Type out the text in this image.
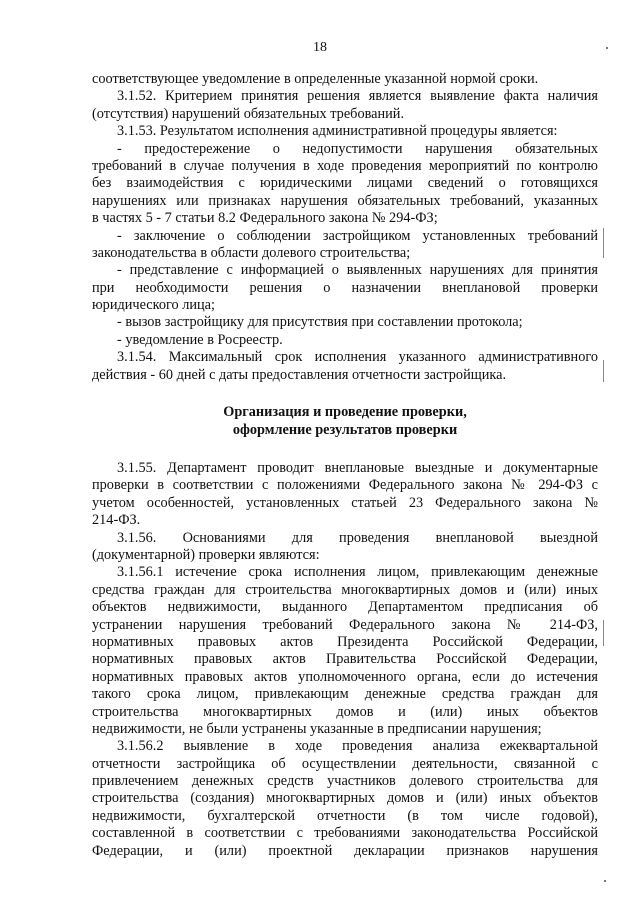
18
соответствующее уведомление в определенные указанной нормой сроки.
3.1.52. Критерием принятия решения является выявление факта наличия
(отсутствия) нарушений обязательных требований.
3.1.53. Результатом исполнения административной процедуры является:
- предостережение о недопустимости нарушения обязательных
требований в случае получения в ходе проведения мероприятий по контролю
без взаимодействия с юридическими лицами сведений о готовящихся
нарушениях или признаках нарушения обязательных требований, указанных
в частях 5 - 7 статьи 8.2 Федерального закона № 294-ФЗ;
- заключение о соблюдении застройщиком установленных требований
законодательства в области долевого строительства;
- представление с информацией о выявленных нарушениях для принятия
при необходимости решения о назначении внеплановой проверки
юридического лица;
- вызов застройщику для присутствия при составлении протокола;
- уведомление в Росреестр.
3.1.54. Максимальный срок исполнения указанного административного
действия - 60 дней с даты предоставления отчетности застройщика.
Организация и проведение проверки,
оформление результатов проверки
3.1.55. Департамент проводит внеплановые выездные и документарные
проверки в соответствии с положениями Федерального закона № 294-ФЗ с
учетом особенностей, установленных статьей 23 Федерального закона №
214-ФЗ.
3.1.56. Основаниями для проведения внеплановой выездной
(документарной) проверки являются:
3.1.56.1 истечение срока исполнения лицом, привлекающим денежные
средства граждан для строительства многоквартирных домов и (или) иных
объектов недвижимости, выданного Департаментом предписания об
устранении нарушения требований Федерального закона № 214-ФЗ,
нормативных правовых актов Президента Российской Федерации,
нормативных правовых актов Правительства Российской Федерации,
нормативных правовых актов уполномоченного органа, если до истечения
такого срока лицом, привлекающим денежные средства граждан для
строительства многоквартирных домов и (или) иных объектов
недвижимости, не были устранены указанные в предписании нарушения;
3.1.56.2 выявление в ходе проведения анализа ежеквартальной
отчетности застройщика об осуществлении деятельности, связанной с
привлечением денежных средств участников долевого строительства для
строительства (создания) многоквартирных домов и (или) иных объектов
недвижимости, бухгалтерской отчетности (в том числе годовой),
составленной в соответствии с требованиями законодательства Российской
Федерации, и (или) проектной декларации признаков нарушения
